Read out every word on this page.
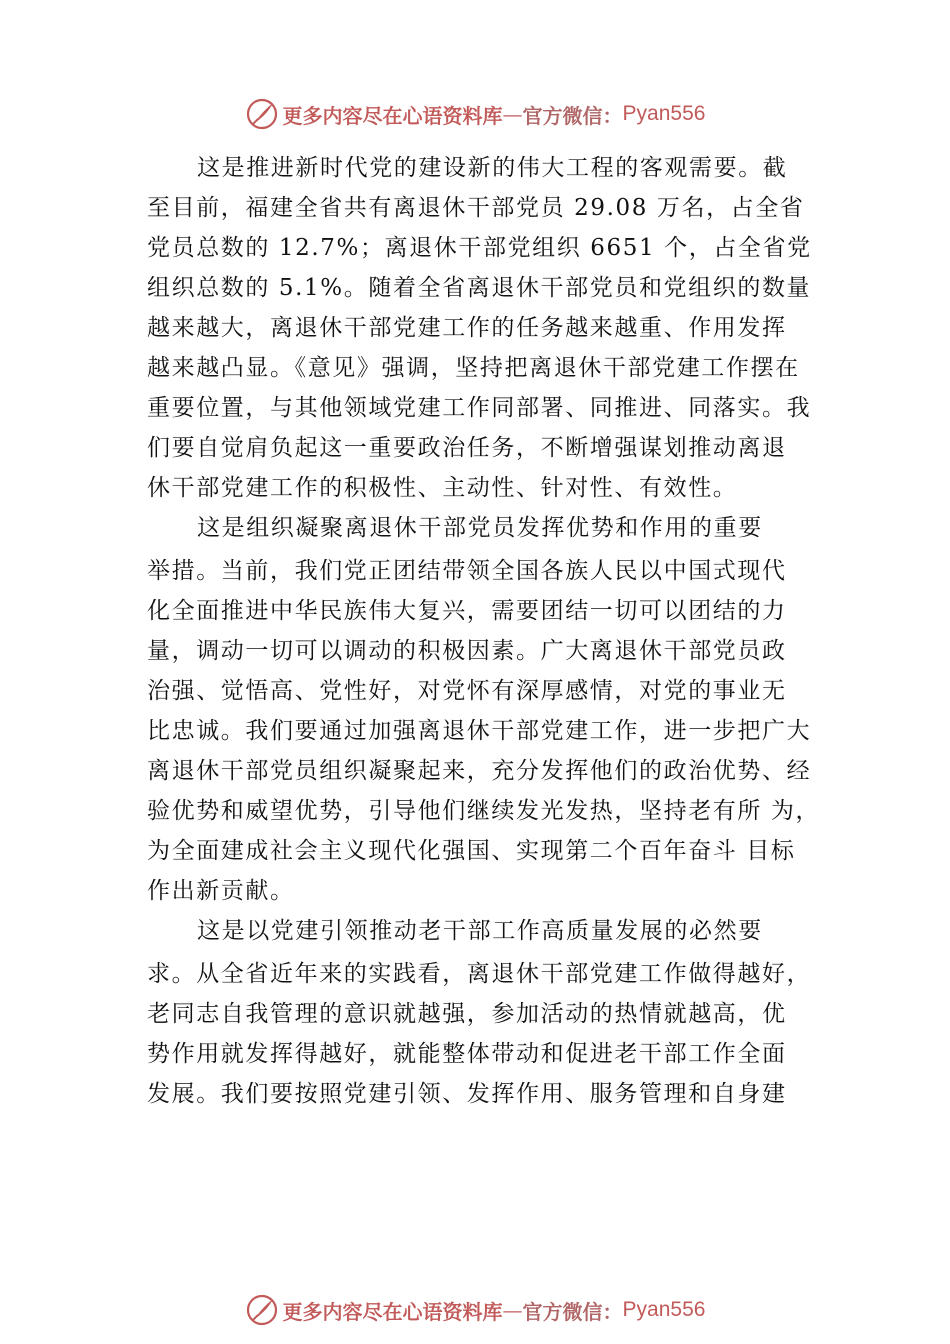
更多内容尽在心语资料库 — 官方微信： Pyan556
这是推进新时代党的建设新的伟大工程的客观需要。截
至目前，福建全省共有离退休干部党员 29.08 万名，占全省
党员总数的 12.7%；离退休干部党组织 6651 个，占全省党
组织总数的 5.1%。随着全省离退休干部党员和党组织的数量
越来越大，离退休干部党建工作的任务越来越重、作用发挥
越来越凸显。《意见》强调，坚持把离退休干部党建工作摆在
重要位置，与其他领域党建工作同部署、同推进、同落实。我
们要自觉肩负起这一重要政治任务，不断增强谋划推动离退
休干部党建工作的积极性、主动性、针对性、有效性。
这是组织凝聚离退休干部党员发挥优势和作用的重要
举措。当前，我们党正团结带领全国各族人民以中国式现代
化全面推进中华民族伟大复兴，需要团结一切可以团结的力
量，调动一切可以调动的积极因素。广大离退休干部党员政
治强、觉悟高、党性好，对党怀有深厚感情，对党的事业无
比忠诚。我们要通过加强离退休干部党建工作，进一步把广大
离退休干部党员组织凝聚起来，充分发挥他们的政治优势、经
验优势和威望优势，引导他们继续发光发热，坚持老有所 为，
为全面建成社会主义现代化强国、实现第二个百年奋斗 目标
作出新贡献。
这是以党建引领推动老干部工作高质量发展的必然要
求。从全省近年来的实践看，离退休干部党建工作做得越好，
老同志自我管理的意识就越强，参加活动的热情就越高，优
势作用就发挥得越好，就能整体带动和促进老干部工作全面
发展。我们要按照党建引领、发挥作用、服务管理和自身建
更多内容尽在心语资料库 — 官方微信： Pyan556
